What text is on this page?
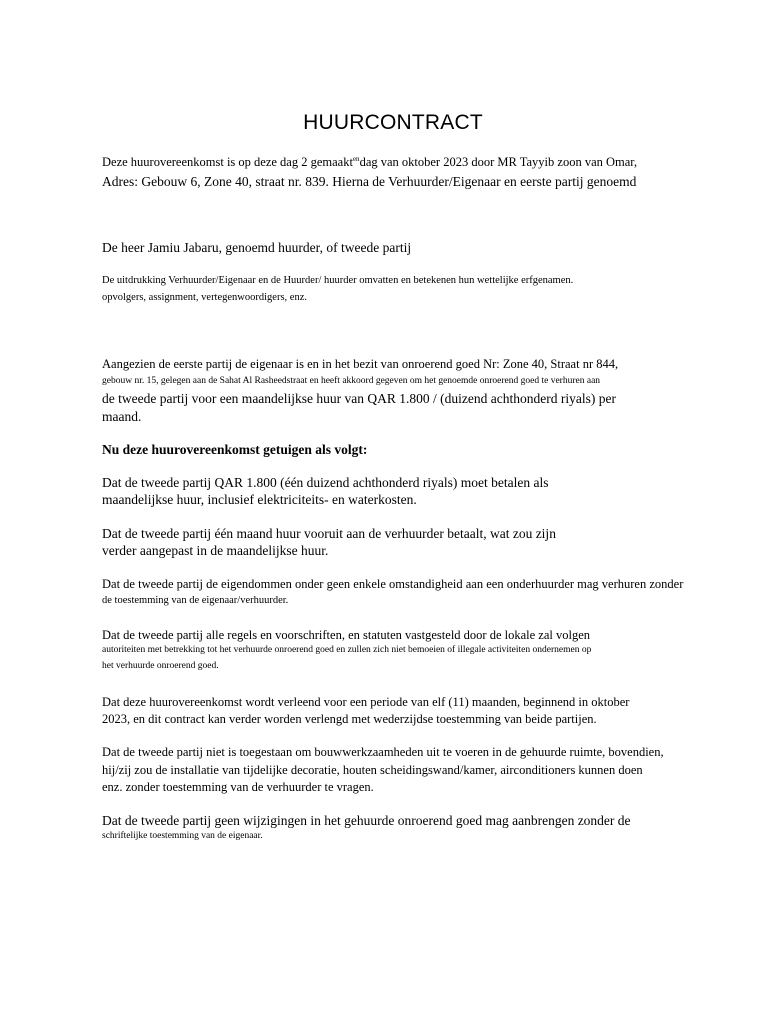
HUURCONTRACT
Deze huurovereenkomst is op deze dag 2 gemaakt$^{en}$dag van oktober 2023 door MR Tayyib zoon van Omar,
Adres: Gebouw 6, Zone 40, straat nr. 839. Hierna de Verhuurder/Eigenaar en eerste partij genoemd
De heer Jamiu Jabaru, genoemd huurder, of tweede partij
De uitdrukking Verhuurder/Eigenaar en de Huurder/ huurder omvatten en betekenen hun wettelijke erfgenamen.
opvolgers, assignment, vertegenwoordigers, enz.
Aangezien de eerste partij de eigenaar is en in het bezit van onroerend goed Nr: Zone 40, Straat nr 844,
gebouw nr. 15, gelegen aan de Sahat Al Rasheedstraat en heeft akkoord gegeven om het genoemde onroerend goed te verhuren aan
de tweede partij voor een maandelijkse huur van QAR 1.800 / (duizend achthonderd riyals) per
maand.
Nu deze huurovereenkomst getuigen als volgt:
Dat de tweede partij QAR 1.800 (één duizend achthonderd riyals) moet betalen als
maandelijkse huur, inclusief elektriciteits- en waterkosten.
Dat de tweede partij één maand huur vooruit aan de verhuurder betaalt, wat zou zijn
verder aangepast in de maandelijkse huur.
Dat de tweede partij de eigendommen onder geen enkele omstandigheid aan een onderhuurder mag verhuren zonder
de toestemming van de eigenaar/verhuurder.
Dat de tweede partij alle regels en voorschriften, en statuten vastgesteld door de lokale zal volgen
autoriteiten met betrekking tot het verhuurde onroerend goed en zullen zich niet bemoeien of illegale activiteiten ondernemen op
het verhuurde onroerend goed.
Dat deze huurovereenkomst wordt verleend voor een periode van elf (11) maanden, beginnend in oktober
2023, en dit contract kan verder worden verlengd met wederzijdse toestemming van beide partijen.
Dat de tweede partij niet is toegestaan om bouwwerkzaamheden uit te voeren in de gehuurde ruimte, bovendien,
hij/zij zou de installatie van tijdelijke decoratie, houten scheidingswand/kamer, airconditioners kunnen doen
enz. zonder toestemming van de verhuurder te vragen.
Dat de tweede partij geen wijzigingen in het gehuurde onroerend goed mag aanbrengen zonder de
schriftelijke toestemming van de eigenaar.
